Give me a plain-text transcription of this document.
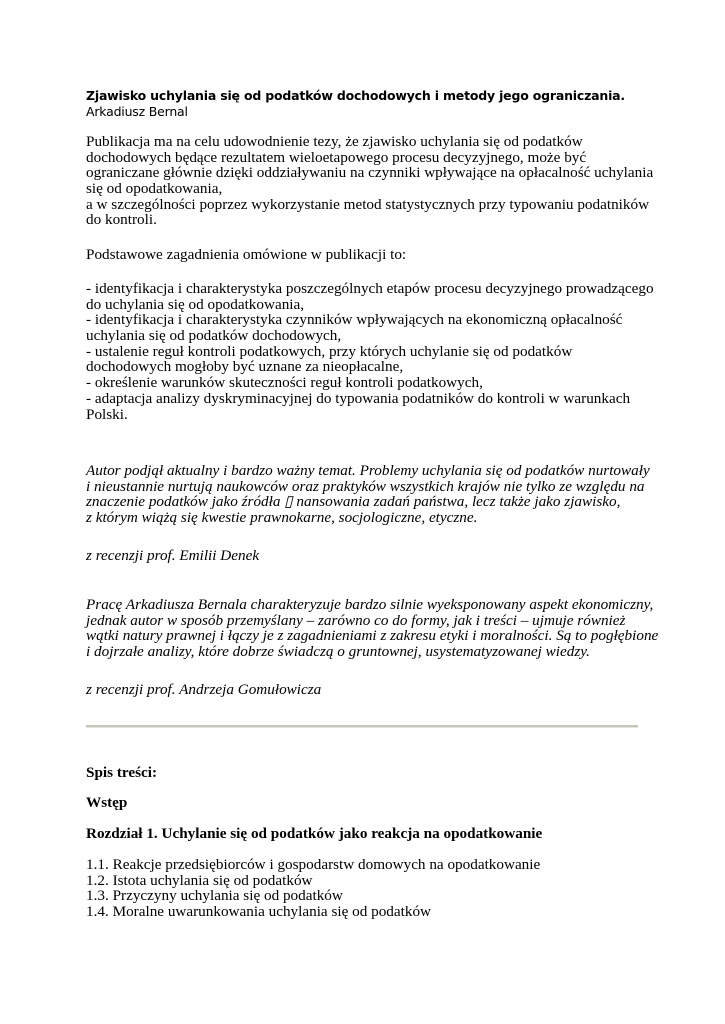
Zjawisko uchylania się od podatków dochodowych i metody jego ograniczania.
Arkadiusz Bernal
Publikacja ma na celu udowodnienie tezy, że zjawisko uchylania się od podatków
dochodowych będące rezultatem wieloetapowego procesu decyzyjnego, może być
ograniczane głównie dzięki oddziaływaniu na czynniki wpływające na opłacalność uchylania
się od opodatkowania,
a w szczególności poprzez wykorzystanie metod statystycznych przy typowaniu podatników
do kontroli.
Podstawowe zagadnienia omówione w publikacji to:
- identyfikacja i charakterystyka poszczególnych etapów procesu decyzyjnego prowadzącego
do uchylania się od opodatkowania,
- identyfikacja i charakterystyka czynników wpływających na ekonomiczną opłacalność
uchylania się od podatków dochodowych,
- ustalenie reguł kontroli podatkowych, przy których uchylanie się od podatków
dochodowych mogłoby być uznane za nieopłacalne,
- określenie warunków skuteczności reguł kontroli podatkowych,
- adaptacja analizy dyskryminacyjnej do typowania podatników do kontroli w warunkach
Polski.
Autor podjął aktualny i bardzo ważny temat. Problemy uchylania się od podatków nurtowały
i nieustannie nurtują naukowców oraz praktyków wszystkich krajów nie tylko ze względu na
znaczenie podatków jako źródła ▯ nansowania zadań państwa, lecz także jako zjawisko,
z którym wiążą się kwestie prawnokarne, socjologiczne, etyczne.
z recenzji prof. Emilii Denek
Pracę Arkadiusza Bernala charakteryzuje bardzo silnie wyeksponowany aspekt ekonomiczny,
jednak autor w sposób przemyślany – zarówno co do formy, jak i treści – ujmuje również
wątki natury prawnej i łączy je z zagadnieniami z zakresu etyki i moralności. Są to pogłębione
i dojrzałe analizy, które dobrze świadczą o gruntownej, usystematyzowanej wiedzy.
z recenzji prof. Andrzeja Gomułowicza
Spis treści:
Wstęp
Rozdział 1. Uchylanie się od podatków jako reakcja na opodatkowanie
1.1. Reakcje przedsiębiorców i gospodarstw domowych na opodatkowanie
1.2. Istota uchylania się od podatków
1.3. Przyczyny uchylania się od podatków
1.4. Moralne uwarunkowania uchylania się od podatków
